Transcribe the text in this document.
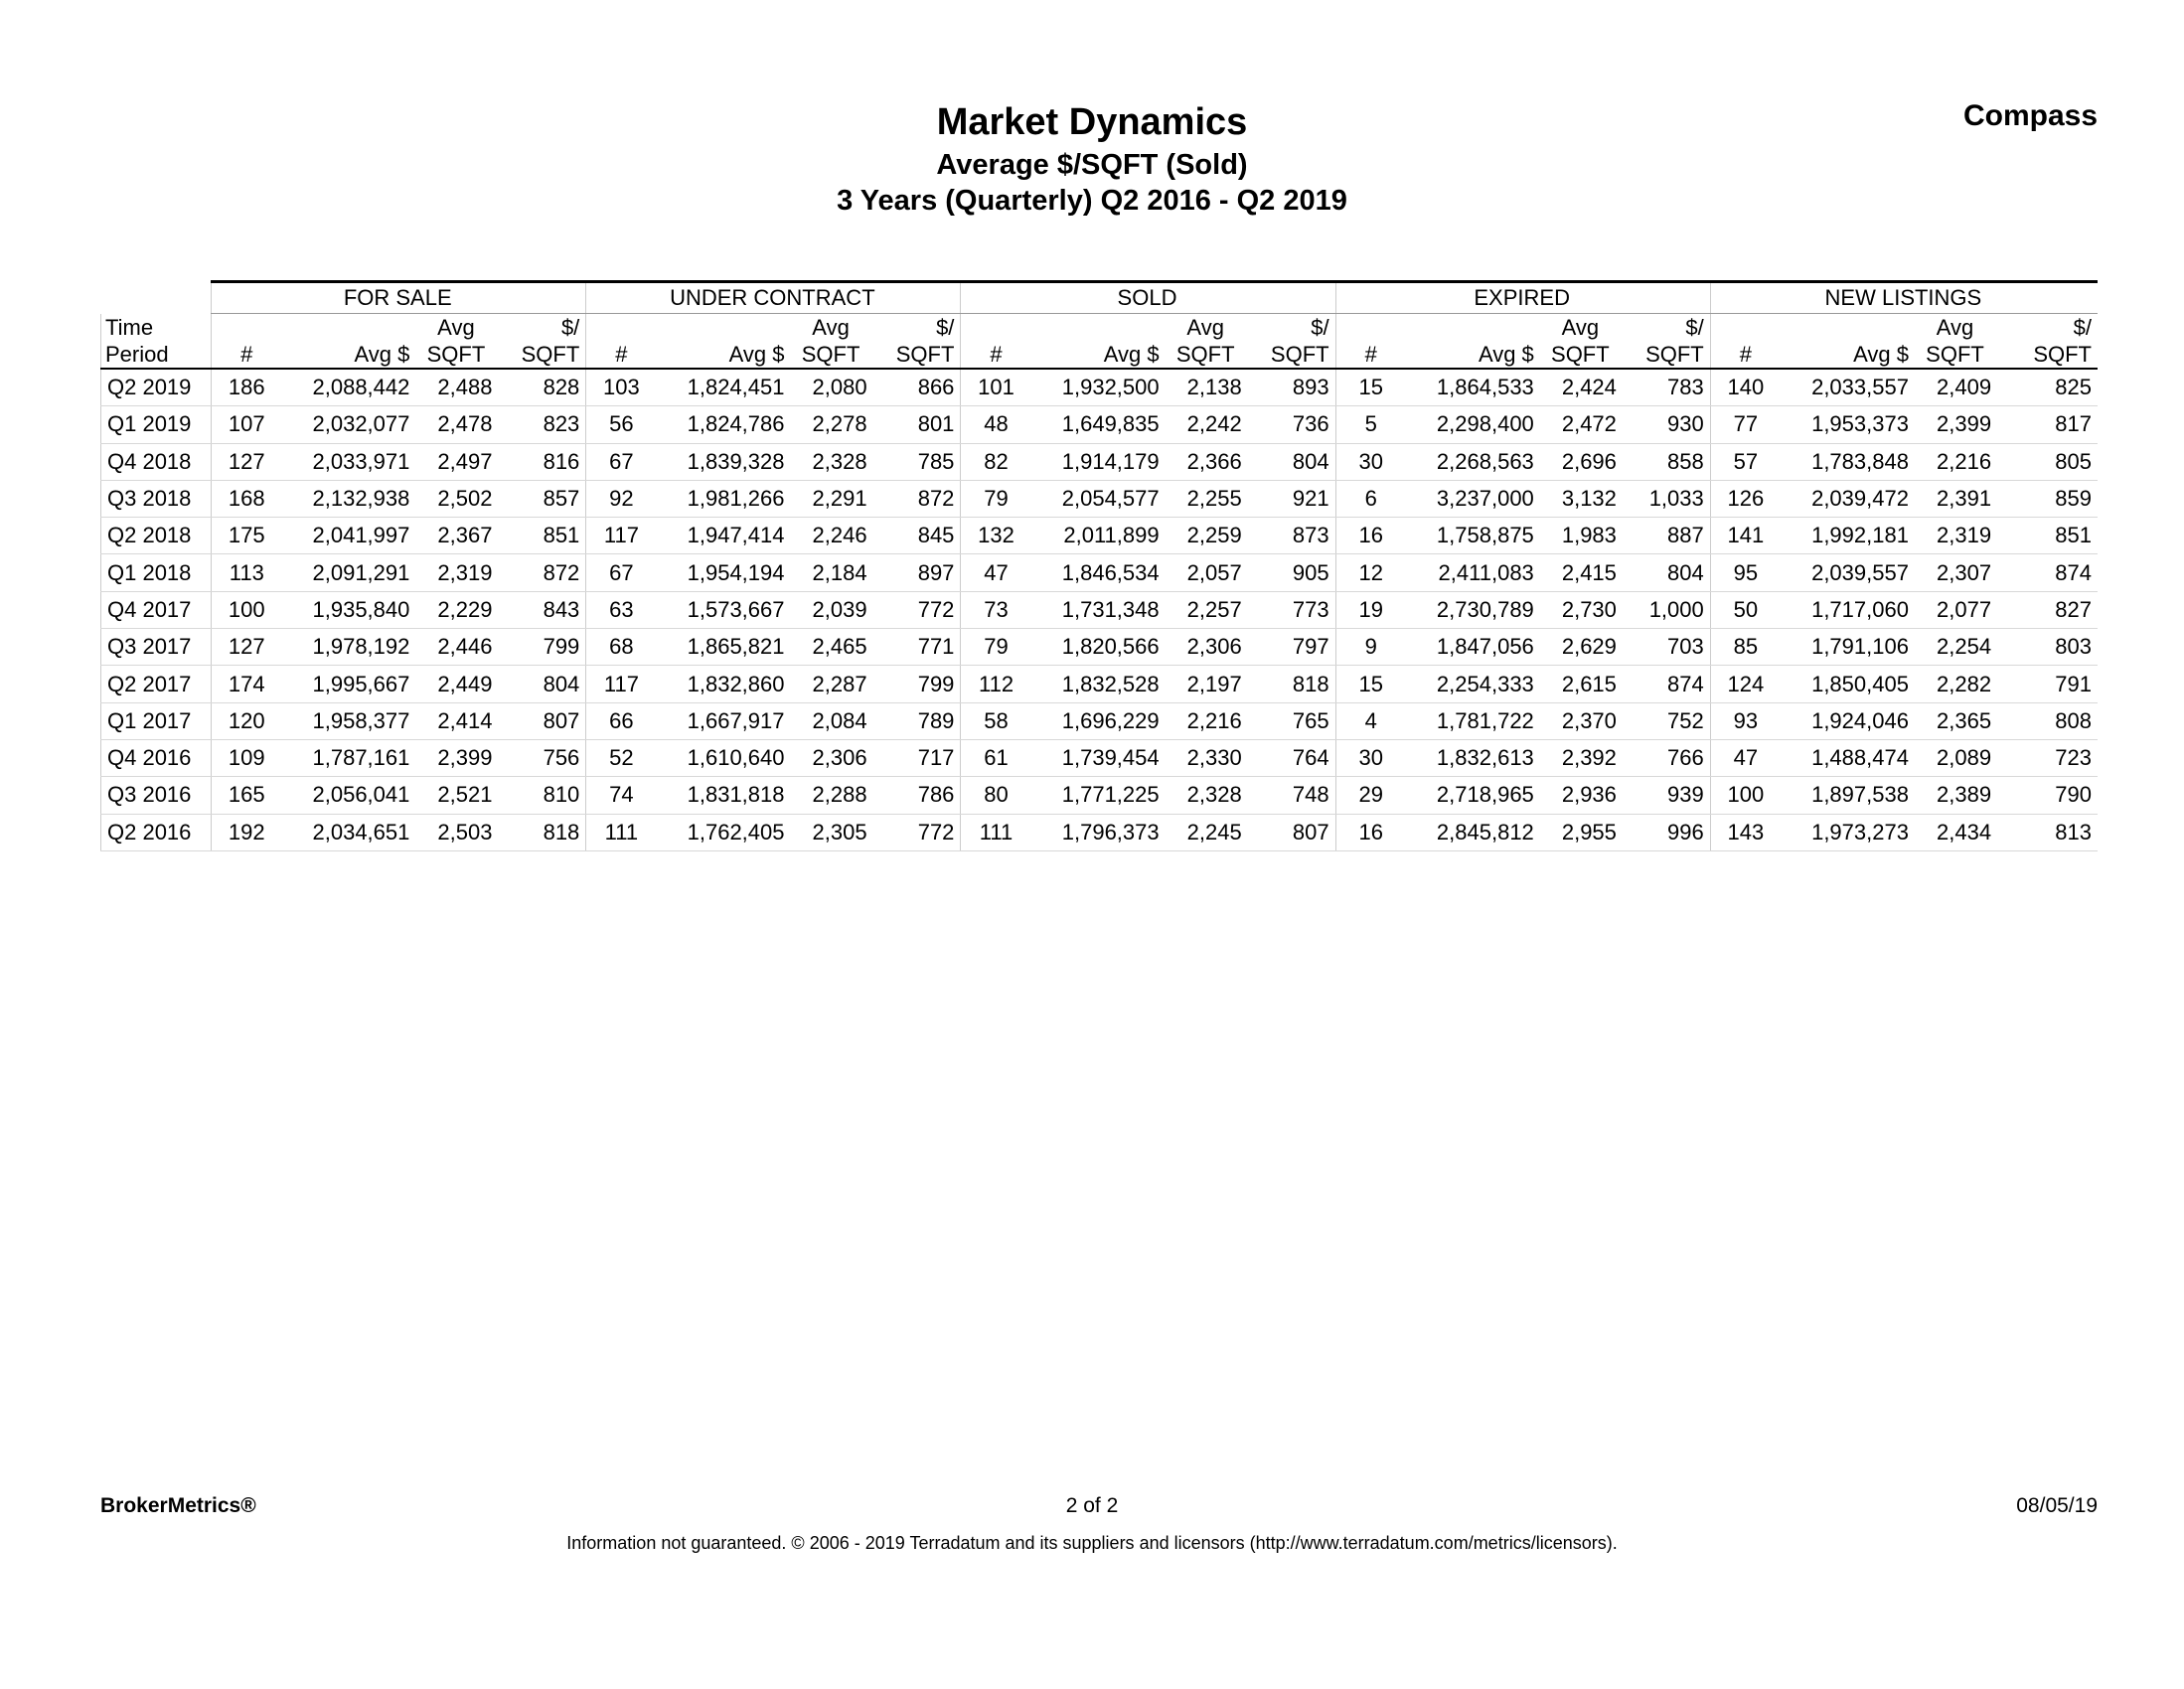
Market Dynamics
Average $/SQFT (Sold)
3 Years (Quarterly) Q2 2016 - Q2 2019
Compass
	FOR SALE				UNDER CONTRACT				SOLD				EXPIRED				NEW LISTINGS			
Time			Avg	$/			Avg	$/			Avg	$/			Avg	$/			Avg	$/
Period	#	Avg $	SQFT	SQFT	#	Avg $	SQFT	SQFT	#	Avg $	SQFT	SQFT	#	Avg $	SQFT	SQFT	#	Avg $	SQFT	SQFT
Q2 2019	186	2,088,442	2,488	828	103	1,824,451	2,080	866	101	1,932,500	2,138	893	15	1,864,533	2,424	783	140	2,033,557	2,409	825
Q1 2019	107	2,032,077	2,478	823	56	1,824,786	2,278	801	48	1,649,835	2,242	736	5	2,298,400	2,472	930	77	1,953,373	2,399	817
Q4 2018	127	2,033,971	2,497	816	67	1,839,328	2,328	785	82	1,914,179	2,366	804	30	2,268,563	2,696	858	57	1,783,848	2,216	805
Q3 2018	168	2,132,938	2,502	857	92	1,981,266	2,291	872	79	2,054,577	2,255	921	6	3,237,000	3,132	1,033	126	2,039,472	2,391	859
Q2 2018	175	2,041,997	2,367	851	117	1,947,414	2,246	845	132	2,011,899	2,259	873	16	1,758,875	1,983	887	141	1,992,181	2,319	851
Q1 2018	113	2,091,291	2,319	872	67	1,954,194	2,184	897	47	1,846,534	2,057	905	12	2,411,083	2,415	804	95	2,039,557	2,307	874
Q4 2017	100	1,935,840	2,229	843	63	1,573,667	2,039	772	73	1,731,348	2,257	773	19	2,730,789	2,730	1,000	50	1,717,060	2,077	827
Q3 2017	127	1,978,192	2,446	799	68	1,865,821	2,465	771	79	1,820,566	2,306	797	9	1,847,056	2,629	703	85	1,791,106	2,254	803
Q2 2017	174	1,995,667	2,449	804	117	1,832,860	2,287	799	112	1,832,528	2,197	818	15	2,254,333	2,615	874	124	1,850,405	2,282	791
Q1 2017	120	1,958,377	2,414	807	66	1,667,917	2,084	789	58	1,696,229	2,216	765	4	1,781,722	2,370	752	93	1,924,046	2,365	808
Q4 2016	109	1,787,161	2,399	756	52	1,610,640	2,306	717	61	1,739,454	2,330	764	30	1,832,613	2,392	766	47	1,488,474	2,089	723
Q3 2016	165	2,056,041	2,521	810	74	1,831,818	2,288	786	80	1,771,225	2,328	748	29	2,718,965	2,936	939	100	1,897,538	2,389	790
Q2 2016	192	2,034,651	2,503	818	111	1,762,405	2,305	772	111	1,796,373	2,245	807	16	2,845,812	2,955	996	143	1,973,273	2,434	813
BrokerMetrics®	2 of 2	08/05/19
Information not guaranteed. © 2006 - 2019 Terradatum and its suppliers and licensors (http://www.terradatum.com/metrics/licensors).
